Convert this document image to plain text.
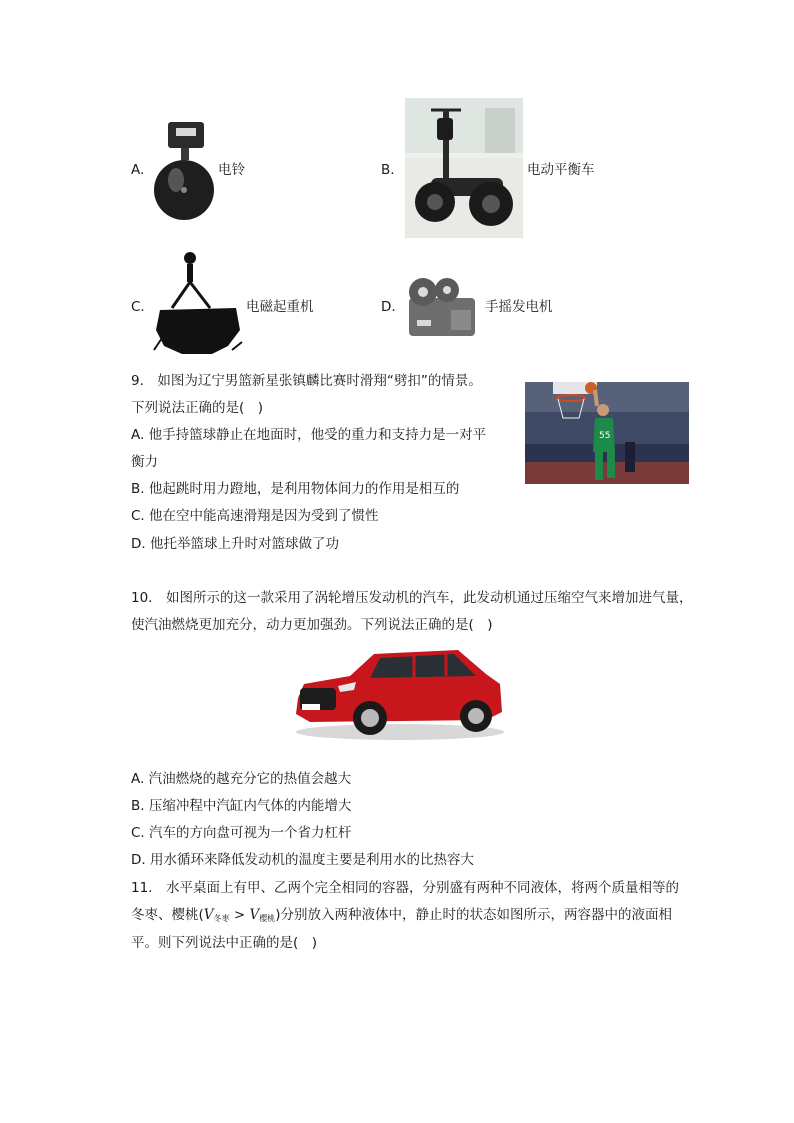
A.	电铃	B.	电动平衡车
C.	电磁起重机	D.	手摇发电机
9.　如图为辽宁男篮新星张镇麟比赛时滑翔“劈扣”的情景。
下列说法正确的是(　)
A. 他手持篮球静止在地面时，他受的重力和支持力是一对平
衡力
B. 他起跳时用力蹬地，是利用物体间力的作用是相互的
C. 他在空中能高速滑翔是因为受到了惯性
D. 他托举篮球上升时对篮球做了功
55
10.　如图所示的这一款采用了涡轮增压发动机的汽车，此发动机通过压缩空气来增加进气量，
使汽油燃烧更加充分，动力更加强劲。下列说法正确的是(　)
A. 汽油燃烧的越充分它的热值会越大
B. 压缩冲程中汽缸内气体的内能增大
C. 汽车的方向盘可视为一个省力杠杆
D. 用水循环来降低发动机的温度主要是利用水的比热容大
11.　水平桌面上有甲、乙两个完全相同的容器，分别盛有两种不同液体，将两个质量相等的
冬枣、樱桃$(V_{冬枣} > V_{樱桃})$分别放入两种液体中，静止时的状态如图所示，两容器中的液面相
平。则下列说法中正确的是(　)
